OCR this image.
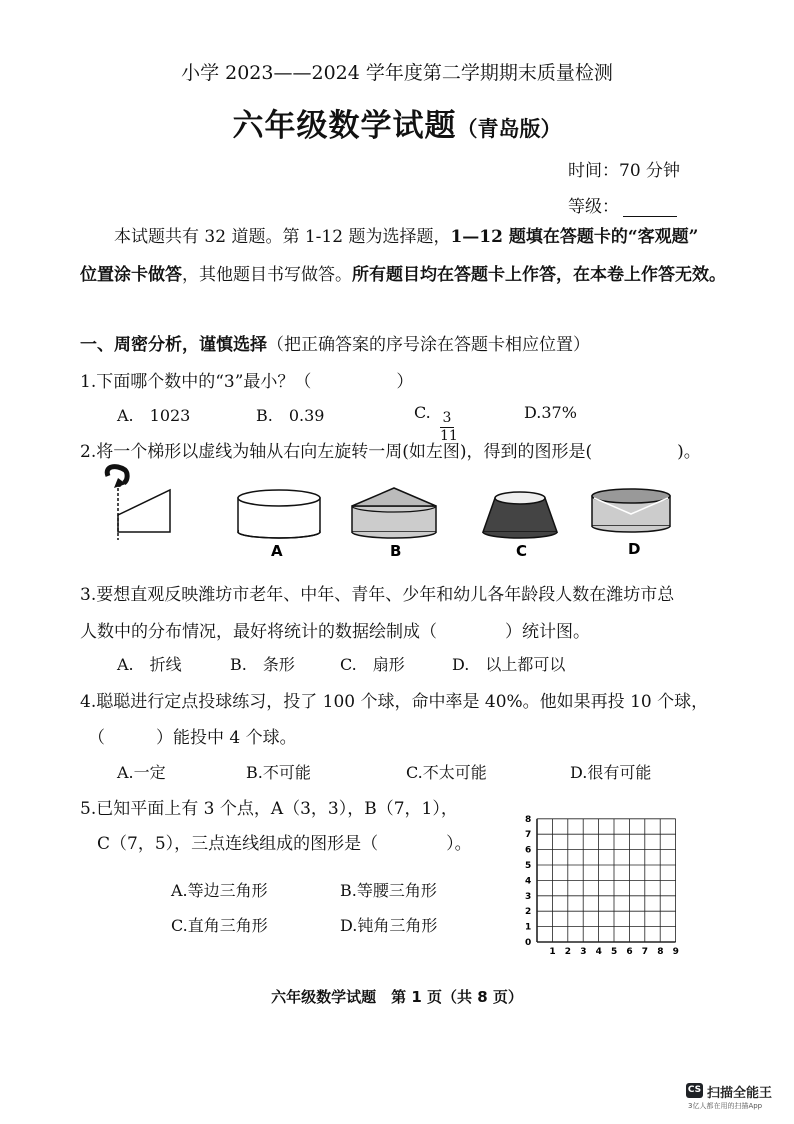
小学 2023——2024 学年度第二学期期末质量检测
六年级数学试题（青岛版）
时间：70 分钟
等级：
本试题共有 32 道题。第 1-12 题为选择题，1—12 题填在答题卡的“客观题”
位置涂卡做答，其他题目书写做答。所有题目均在答题卡上作答，在本卷上作答无效。
一、周密分析，谨慎选择（把正确答案的序号涂在答题卡相应位置）
1.下面哪个数中的“3”最小？（　　　　　）
A.　1023	B.　0.39	C. $\frac{3}{11}$	D.37%
2.将一个梯形以虚线为轴从右向左旋转一周(如左图)，得到的图形是(　　　　　)。
A	B	C	D
1 2 3 4 5 6 7 8 9
0
1
2
3
4
5
6
7
8
3.要想直观反映潍坊市老年、中年、青年、少年和幼儿各年龄段人数在潍坊市总
人数中的分布情况，最好将统计的数据绘制成（　　　　）统计图。
A.　折线	B.　条形	C.　扇形	D.　以上都可以
4.聪聪进行定点投球练习，投了 100 个球，命中率是 40%。他如果再投 10 个球，
（　　　）能投中 4 个球。
A.一定	B.不可能	C.不太可能	D.很有可能
5.已知平面上有 3 个点，A（3，3），B（7，1），
C（7，5），三点连线组成的图形是（　　　　）。
A.等边三角形	B.等腰三角形
C.直角三角形	D.钝角三角形
六年级数学试题　第 1 页（共 8 页）
CS 扫描全能王
3亿人都在用的扫描App
